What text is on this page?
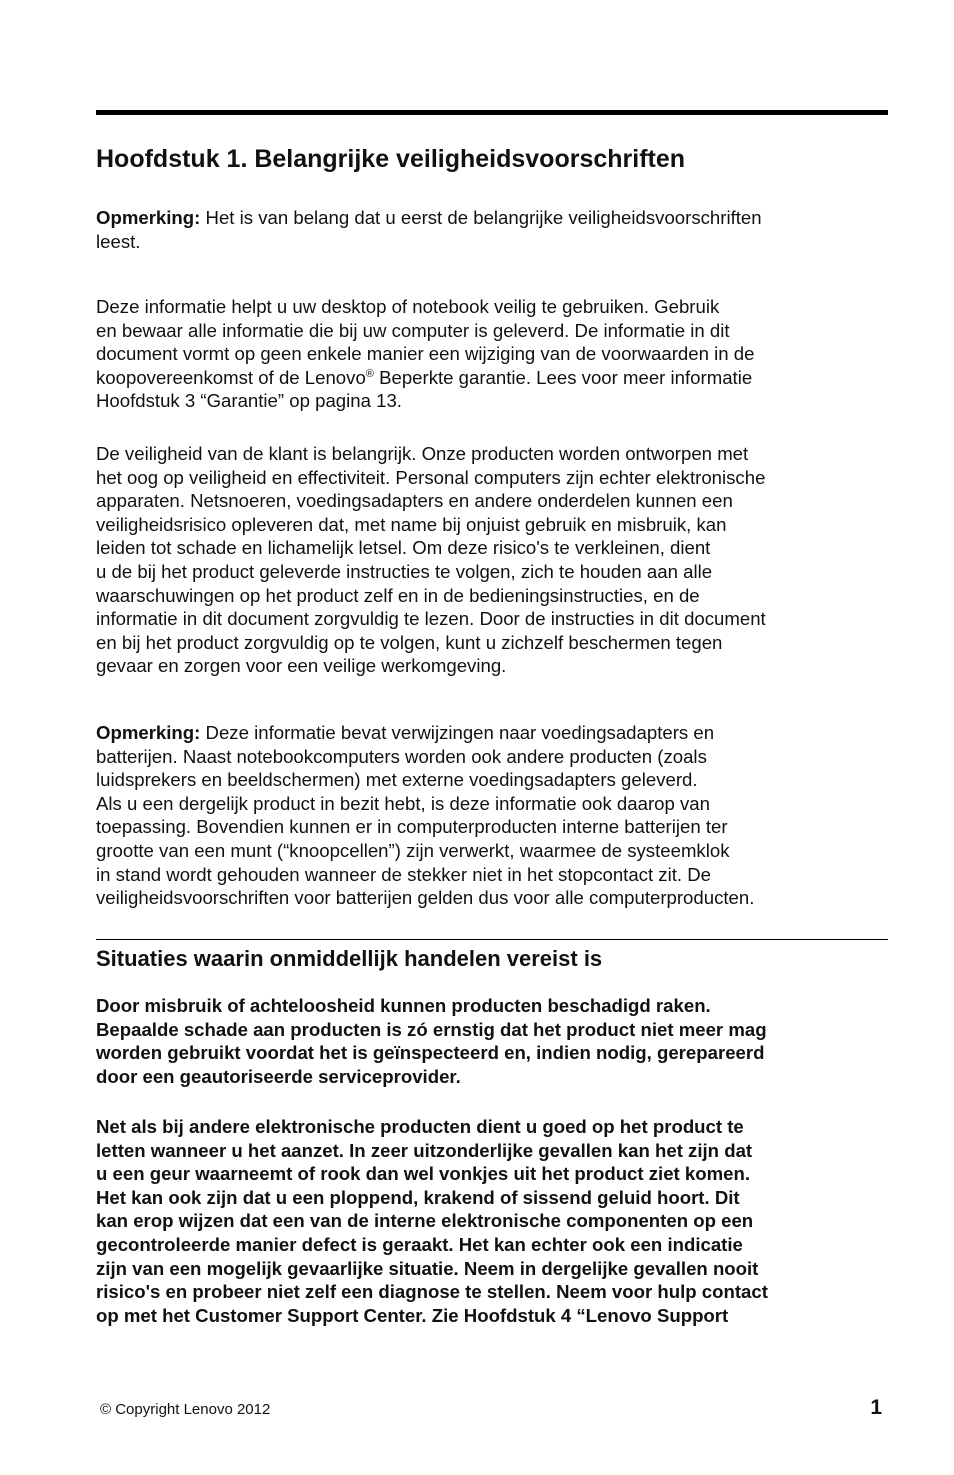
Hoofdstuk 1. Belangrijke veiligheidsvoorschriften
Opmerking: Het is van belang dat u eerst de belangrijke veiligheidsvoorschriften
leest.
Deze informatie helpt u uw desktop of notebook veilig te gebruiken. Gebruik
en bewaar alle informatie die bij uw computer is geleverd. De informatie in dit
document vormt op geen enkele manier een wijziging van de voorwaarden in de
koopovereenkomst of de Lenovo® Beperkte garantie. Lees voor meer informatie
Hoofdstuk 3 “Garantie” op pagina 13.
De veiligheid van de klant is belangrijk. Onze producten worden ontworpen met
het oog op veiligheid en effectiviteit. Personal computers zijn echter elektronische
apparaten. Netsnoeren, voedingsadapters en andere onderdelen kunnen een
veiligheidsrisico opleveren dat, met name bij onjuist gebruik en misbruik, kan
leiden tot schade en lichamelijk letsel. Om deze risico's te verkleinen, dient
u de bij het product geleverde instructies te volgen, zich te houden aan alle
waarschuwingen op het product zelf en in de bedieningsinstructies, en de
informatie in dit document zorgvuldig te lezen. Door de instructies in dit document
en bij het product zorgvuldig op te volgen, kunt u zichzelf beschermen tegen
gevaar en zorgen voor een veilige werkomgeving.
Opmerking: Deze informatie bevat verwijzingen naar voedingsadapters en
batterijen. Naast notebookcomputers worden ook andere producten (zoals
luidsprekers en beeldschermen) met externe voedingsadapters geleverd.
Als u een dergelijk product in bezit hebt, is deze informatie ook daarop van
toepassing. Bovendien kunnen er in computerproducten interne batterijen ter
grootte van een munt (“knoopcellen”) zijn verwerkt, waarmee de systeemklok
in stand wordt gehouden wanneer de stekker niet in het stopcontact zit. De
veiligheidsvoorschriften voor batterijen gelden dus voor alle computerproducten.
Situaties waarin onmiddellijk handelen vereist is
Door misbruik of achteloosheid kunnen producten beschadigd raken.
Bepaalde schade aan producten is zó ernstig dat het product niet meer mag
worden gebruikt voordat het is geïnspecteerd en, indien nodig, gerepareerd
door een geautoriseerde serviceprovider.
Net als bij andere elektronische producten dient u goed op het product te
letten wanneer u het aanzet. In zeer uitzonderlijke gevallen kan het zijn dat
u een geur waarneemt of rook dan wel vonkjes uit het product ziet komen.
Het kan ook zijn dat u een ploppend, krakend of sissend geluid hoort. Dit
kan erop wijzen dat een van de interne elektronische componenten op een
gecontroleerde manier defect is geraakt. Het kan echter ook een indicatie
zijn van een mogelijk gevaarlijke situatie. Neem in dergelijke gevallen nooit
risico's en probeer niet zelf een diagnose te stellen. Neem voor hulp contact
op met het Customer Support Center. Zie Hoofdstuk 4 “Lenovo Support
© Copyright Lenovo 2012	1
